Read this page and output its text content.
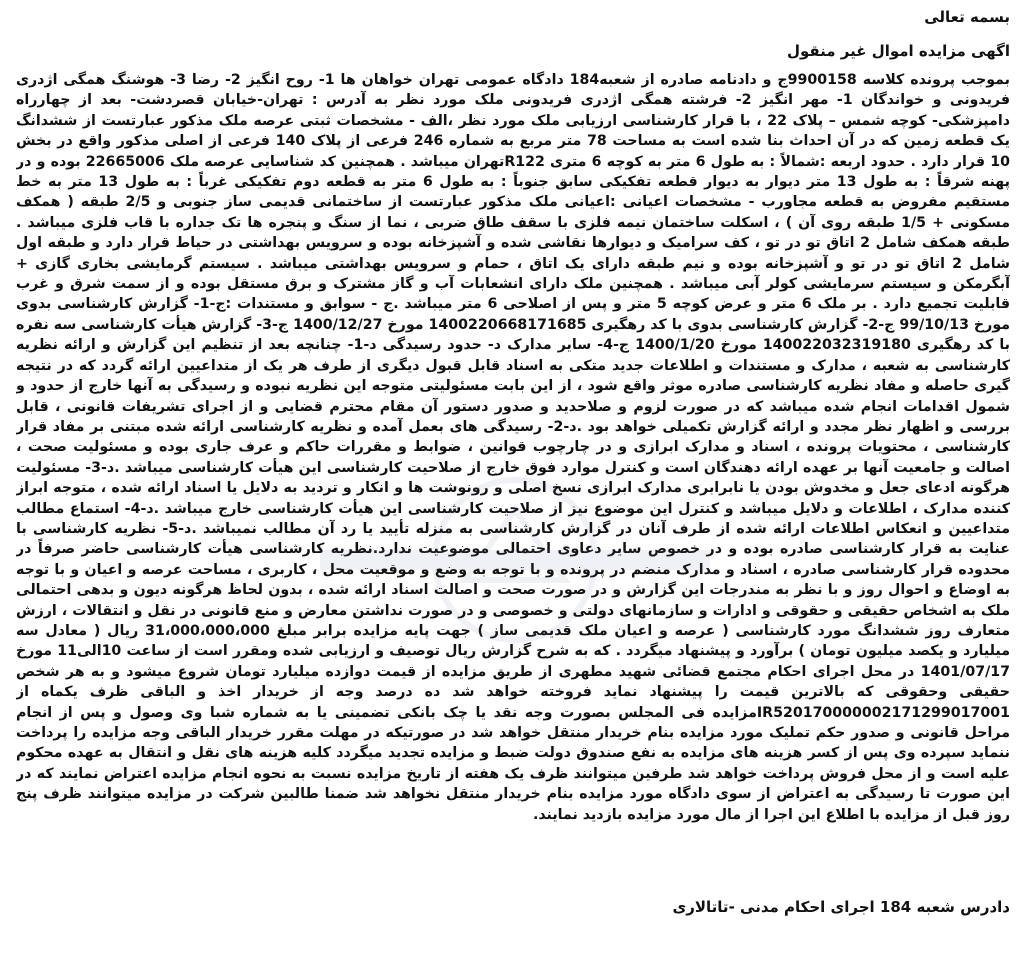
بسمه تعالی
اگهی مزایده اموال غیر منقول

بموجب پرونده کلاسه 9900158ج و دادنامه صادره از شعبه184 دادگاه عمومی تهران خواهان ها 1- روح انگیز 2- رضا 3- هوشنگ همگی اژدری فریدونی و خواندگان 1- مهر انگیز 2- فرشته همگی اژدری فریدونی ملک مورد نظر به آدرس : تهران-خیابان قصردشت- بعد از چهارراه دامپزشکی- کوچه شمس – پلاک 22 ، با قرار کارشناسی ارزیابی ملک مورد نظر ،الف - مشخصات ثبتی عرصه ملک مذکور عبارتست از ششدانگ یک قطعه زمین که در آن احداث بنا شده است به مساحت 78 متر مربع به شماره 246 فرعی از پلاک 140 فرعی از اصلی مذکور واقع در بخش 10 قرار دارد . حدود اربعه :شمالاً : به طول 6 متر به کوچه 6 متری R122تهران میباشد . همچنین کد شناسایی عرصه ملک 22665006 بوده و در پهنه شرقاً : به طول 13 متر دیوار به دیوار قطعه تفکیکی سابق جنوباً : به طول 6 متر به قطعه دوم تفکیکی غرباً : به طول 13 متر به خط مستقیم مفروض به قطعه مجاورب - مشخصات اعیانی :اعیانی ملک مذکور عبارتست از ساختمانی قدیمی ساز جنوبی و 2/5 طبقه ( همکف مسکونی + 1/5 طبقه روی آن ) ، اسکلت ساختمان نیمه فلزی با سقف طاق ضربی ، نما از سنگ و پنجره ها تک جداره با قاب فلزی میباشد . طبقه همکف شامل 2 اتاق تو در تو ، کف سرامیک و دیوارها نقاشی شده و آشپزخانه بوده و سرویس بهداشتی در حیاط قرار دارد و طبقه اول شامل 2 اتاق تو در تو و آشپزخانه بوده و نیم طبقه دارای یک اتاق ، حمام و سرویس بهداشتی میباشد . سیستم گرمایشی بخاری گازی + آبگرمکن و سیستم سرمایشی کولر آبی میباشد . همچنین ملک دارای انشعابات آب و گاز مشترک و برق مستقل بوده و از سمت شرق و غرب قابلیت تجمیع دارد . بر ملک 6 متر و عرض کوچه 5 متر و پس از اصلاحی 6 متر میباشد .ج - سوابق و مستندات :ج-1- گزارش کارشناسی بدوی مورخ 99/10/13 ج-2- گزارش کارشناسی بدوی با کد رهگیری 1400220668171685 مورخ 1400/12/27 ج-3- گزارش هیأت کارشناسی سه نفره با کد رهگیری 140022032319180 مورخ 1400/1/20 ج-4- سایر مدارک د- حدود رسیدگی د-1- چنانچه بعد از تنظیم این گزارش و ارائه نظریه کارشناسی به شعبه ، مدارک و مستندات و اطلاعات جدید متکی به اسناد قابل قبول دیگری از طرف هر یک از متداعیین ارائه گردد که در نتیجه گیری حاصله و مفاد نظریه کارشناسی صادره موثر واقع شود ، از این بابت مسئولیتی متوجه این نظریه نبوده و رسیدگی به آنها خارج از حدود و شمول اقدامات انجام شده میباشد که در صورت لزوم و صلاحدید و صدور دستور آن مقام محترم قضایی و از اجرای تشریفات قانونی ، قابل بررسی و اظهار نظر مجدد و ارائه گزارش تکمیلی خواهد بود .د-2- رسیدگی های بعمل آمده و نظریه کارشناسی ارائه شده مبتنی بر مفاد قرار کارشناسی ، محتویات پرونده ، اسناد و مدارک ابرازی و در چارچوب قوانین ، ضوابط و مقررات حاکم و عرف جاری بوده و مسئولیت صحت ، اصالت و جامعیت آنها بر عهده ارائه دهندگان است و کنترل موارد فوق خارج از صلاحیت کارشناسی این هیأت کارشناسی میباشد .د-3- مسئولیت هرگونه ادعای جعل و مخدوش بودن یا نابرابری مدارک ابرازی نسخ اصلی و رونوشت ها و انکار و تردید به دلایل یا اسناد ارائه شده ، متوجه ابراز کننده مدارک ، اطلاعات و دلایل میباشد و کنترل این موضوع نیز از صلاحیت کارشناسی این هیأت کارشناسی خارج میباشد .د-4- استماع مطالب متداعیین و انعکاس اطلاعات ارائه شده از طرف آنان در گزارش کارشناسی به منزله تأیید یا رد آن مطالب نمیباشد .د-5- نظریه کارشناسی با عنایت به قرار کارشناسی صادره بوده و در خصوص سایر دعاوی احتمالی موضوعیت ندارد.نظریه کارشناسی هیأت کارشناسی حاضر صرفاً در محدوده قرار کارشناسی صادره ، اسناد و مدارک منضم در پرونده و با توجه به وضع و موقعیت محل ، کاربری ، مساحت عرصه و اعیان و با توجه به اوضاع و احوال روز و با نظر به مندرجات این گزارش و در صورت صحت و اصالت اسناد ارائه شده ، بدون لحاظ هرگونه دیون و بدهی احتمالی ملک به اشخاص حقیقی و حقوقی و ادارات و سازمانهای دولتی و خصوصی و در صورت نداشتن معارض و منع قانونی در نقل و انتقالات ، ارزش متعارف روز ششدانگ مورد کارشناسی ( عرصه و اعیان ملک قدیمی ساز ) جهت پایه مزایده برابر مبلغ 31،000،000،000 ریال ( معادل سه میلیارد و یکصد میلیون تومان ) برآورد و پیشنهاد میگردد . که به شرح گزارش ریال توصیف و ارزیابی شده ومقرر است از ساعت 10الی11 مورخ 1401/07/17 در محل اجرای احکام مجتمع قضائی شهید مطهری از طریق مزایده از قیمت دوازده میلیارد تومان شروع میشود و به هر شخص حقیقی وحقوقی که بالاترین قیمت را پیشنهاد نماید فروخته خواهد شد ده درصد وجه از خریدار اخذ و الباقی ظرف یکماه از IR520170000002171299017001مزایده فی المجلس بصورت وجه نقد یا چک بانکی تضمینی یا به شماره شبا وی وصول و پس از انجام مراحل قانونی و صدور حکم تملیک مورد مزایده بنام خریدار منتقل خواهد شد در صورتیکه در مهلت مقرر خریدار الباقی وجه مزایده را پرداخت ننماید سپرده وی پس از کسر هزینه های مزایده به نفع صندوق دولت ضبط و مزایده تجدید میگردد کلیه هزینه های نقل و انتقال به عهده محکوم علیه است و از محل فروش پرداخت خواهد شد طرفین میتوانند ظرف یک هفته از تاریخ مزایده نسبت به نحوه انجام مزایده اعتراض نمایند که در این صورت تا رسیدگی به اعتراض از سوی دادگاه مورد مزایده بنام خریدار منتقل نخواهد شد ضمنا طالبین شرکت در مزایده میتوانند ظرف پنج روز قبل از مزایده با اطلاع این اجرا از مال مورد مزایده بازدید نمایند.

دادرس شعبه 184 اجرای احکام مدنی -تاتالاری
